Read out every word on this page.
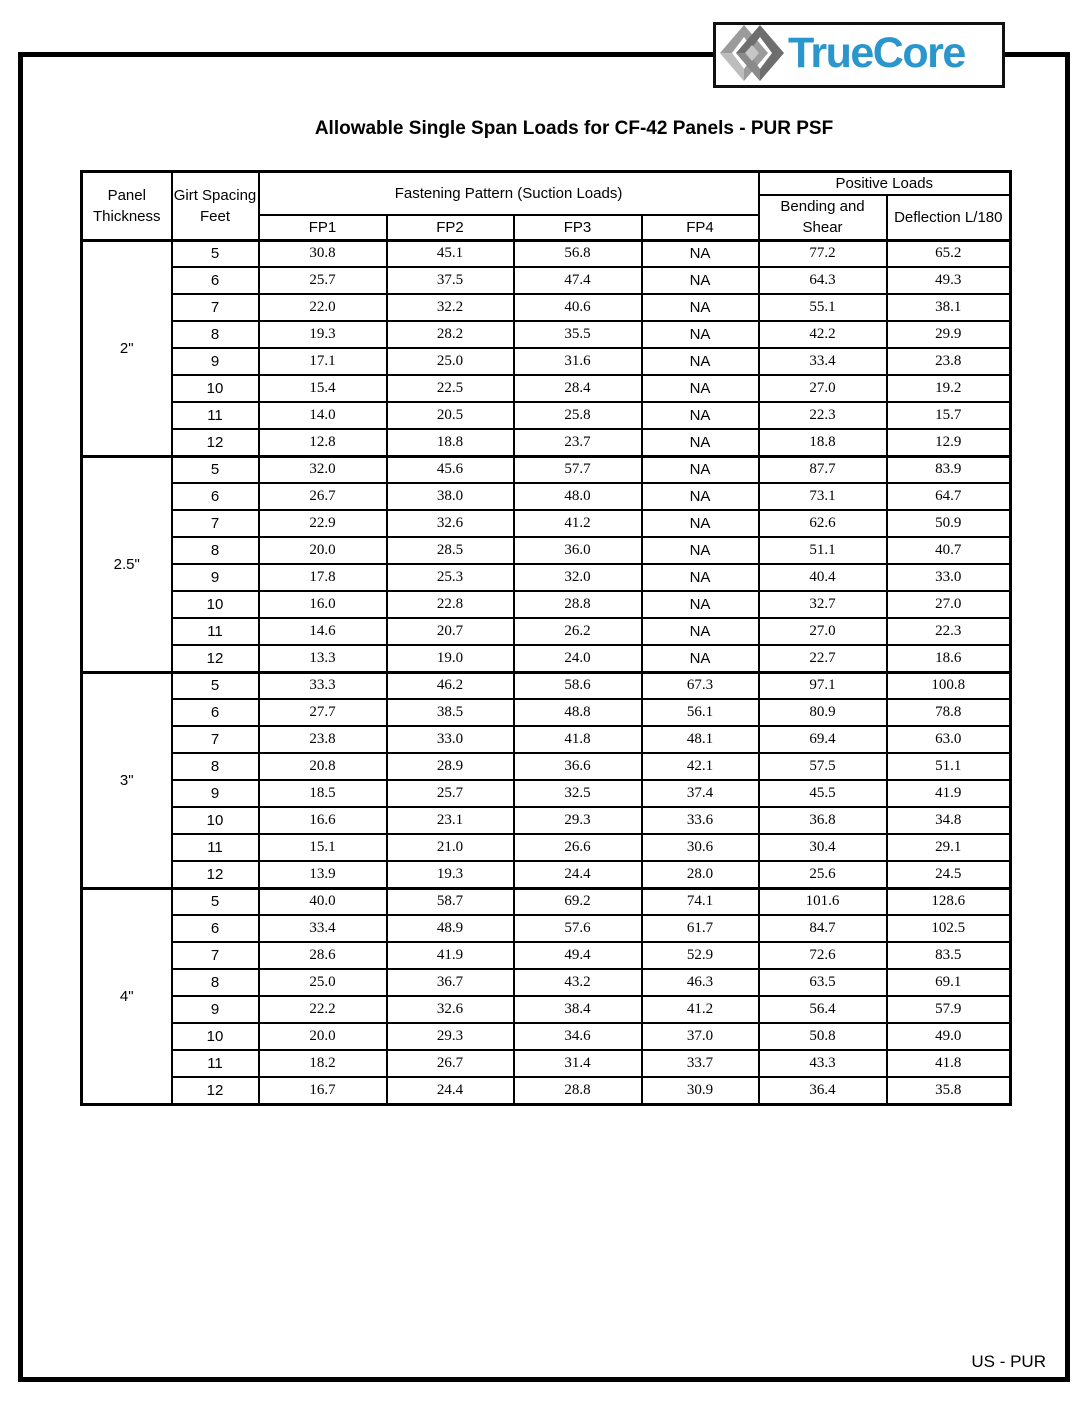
TrueCore
Allowable Single Span Loads for CF-42 Panels - PUR PSF
Panel Thickness	Girt Spacing Feet	Fastening Pattern (Suction Loads)				Positive Loads	
						Bending and Shear	Deflection L/180
		FP1	FP2	FP3	FP4		
2"	5	30.8	45.1	56.8	NA	77.2	65.2
	6	25.7	37.5	47.4	NA	64.3	49.3
	7	22.0	32.2	40.6	NA	55.1	38.1
	8	19.3	28.2	35.5	NA	42.2	29.9
	9	17.1	25.0	31.6	NA	33.4	23.8
	10	15.4	22.5	28.4	NA	27.0	19.2
	11	14.0	20.5	25.8	NA	22.3	15.7
	12	12.8	18.8	23.7	NA	18.8	12.9
2.5"	5	32.0	45.6	57.7	NA	87.7	83.9
	6	26.7	38.0	48.0	NA	73.1	64.7
	7	22.9	32.6	41.2	NA	62.6	50.9
	8	20.0	28.5	36.0	NA	51.1	40.7
	9	17.8	25.3	32.0	NA	40.4	33.0
	10	16.0	22.8	28.8	NA	32.7	27.0
	11	14.6	20.7	26.2	NA	27.0	22.3
	12	13.3	19.0	24.0	NA	22.7	18.6
3"	5	33.3	46.2	58.6	67.3	97.1	100.8
	6	27.7	38.5	48.8	56.1	80.9	78.8
	7	23.8	33.0	41.8	48.1	69.4	63.0
	8	20.8	28.9	36.6	42.1	57.5	51.1
	9	18.5	25.7	32.5	37.4	45.5	41.9
	10	16.6	23.1	29.3	33.6	36.8	34.8
	11	15.1	21.0	26.6	30.6	30.4	29.1
	12	13.9	19.3	24.4	28.0	25.6	24.5
4"	5	40.0	58.7	69.2	74.1	101.6	128.6
	6	33.4	48.9	57.6	61.7	84.7	102.5
	7	28.6	41.9	49.4	52.9	72.6	83.5
	8	25.0	36.7	43.2	46.3	63.5	69.1
	9	22.2	32.6	38.4	41.2	56.4	57.9
	10	20.0	29.3	34.6	37.0	50.8	49.0
	11	18.2	26.7	31.4	33.7	43.3	41.8
	12	16.7	24.4	28.8	30.9	36.4	35.8
US - PUR
